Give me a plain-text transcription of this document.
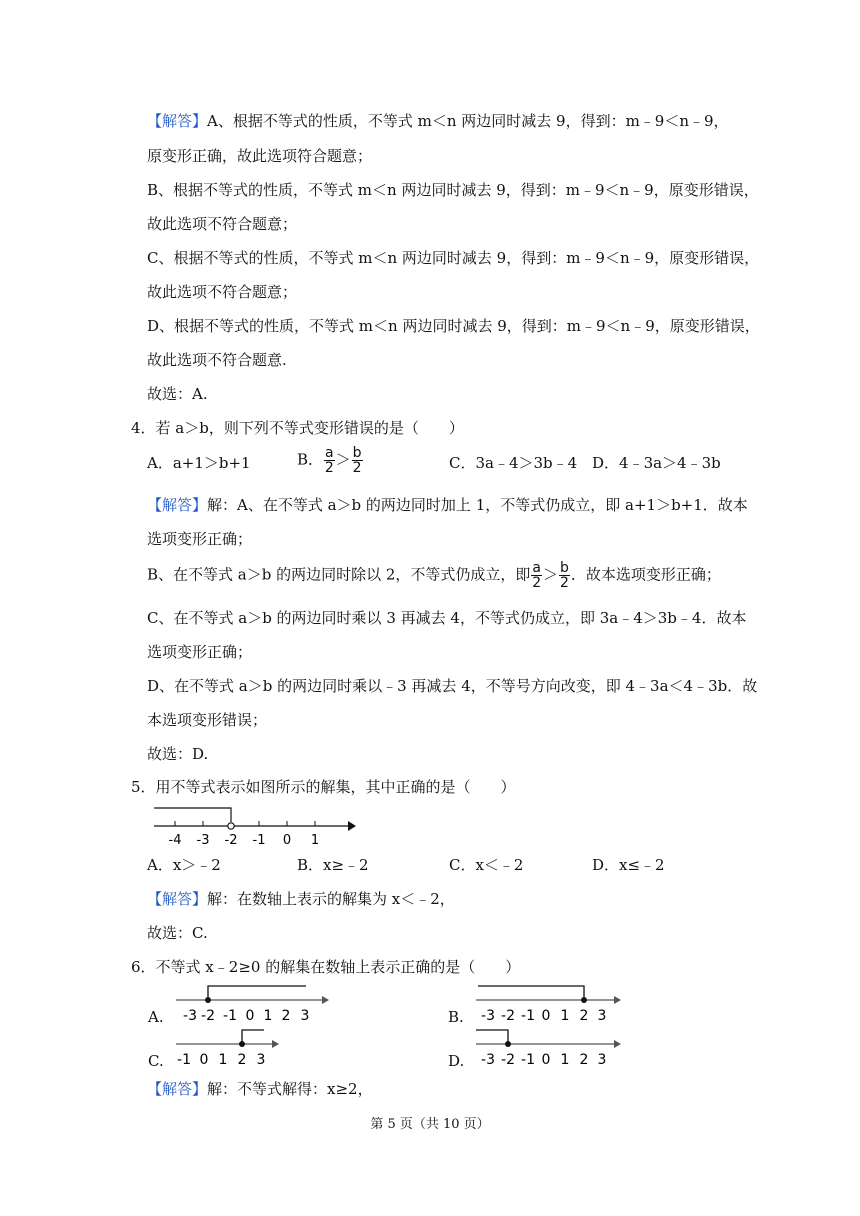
【解答】A、根据不等式的性质，不等式 m＜n 两边同时减去 9，得到：m﹣9＜n﹣9，
原变形正确，故此选项符合题意；
B、根据不等式的性质，不等式 m＜n 两边同时减去 9，得到：m﹣9＜n﹣9，原变形错误，
故此选项不符合题意；
C、根据不等式的性质，不等式 m＜n 两边同时减去 9，得到：m﹣9＜n﹣9，原变形错误，
故此选项不符合题意；
D、根据不等式的性质，不等式 m＜n 两边同时减去 9，得到：m﹣9＜n﹣9，原变形错误，
故此选项不符合题意.
故选：A.
4．若 a＞b，则下列不等式变形错误的是（　　）
A．a+1＞b+1	B． $\frac{a}{2} > \frac{b}{2}$	C．3a﹣4＞3b﹣4 D．4﹣3a＞4﹣3b
【解答】解：A、在不等式 a＞b 的两边同时加上 1，不等式仍成立，即 a+1＞b+1．故本
选项变形正确；
B、在不等式 a＞b 的两边同时除以 2，不等式仍成立，即 $\frac{a}{2} > \frac{b}{2}$ ．故本选项变形正确；
C、在不等式 a＞b 的两边同时乘以 3 再减去 4，不等式仍成立，即 3a﹣4＞3b﹣4．故本
选项变形正确；
D、在不等式 a＞b 的两边同时乘以﹣3 再减去 4，不等号方向改变，即 4﹣3a＜4﹣3b．故
本选项变形错误；
故选：D.
5．用不等式表示如图所示的解集，其中正确的是（　　）
-4 -3 -2 -1 0 1
A．x＞﹣2	B．x≥﹣2	C．x＜﹣2	D．x≤﹣2
【解答】解：在数轴上表示的解集为 x＜﹣2，
故选：C.
6．不等式 x﹣2≥0 的解集在数轴上表示正确的是（　　）
A. -3 -2 -1 0 1 2 3	B. -3 -2 -1 0 1 2 3
C. -1 0 1 2 3	D. -3 -2 -1 0 1 2 3
【解答】解：不等式解得：x≥2，
第 5 页（共 10 页）
